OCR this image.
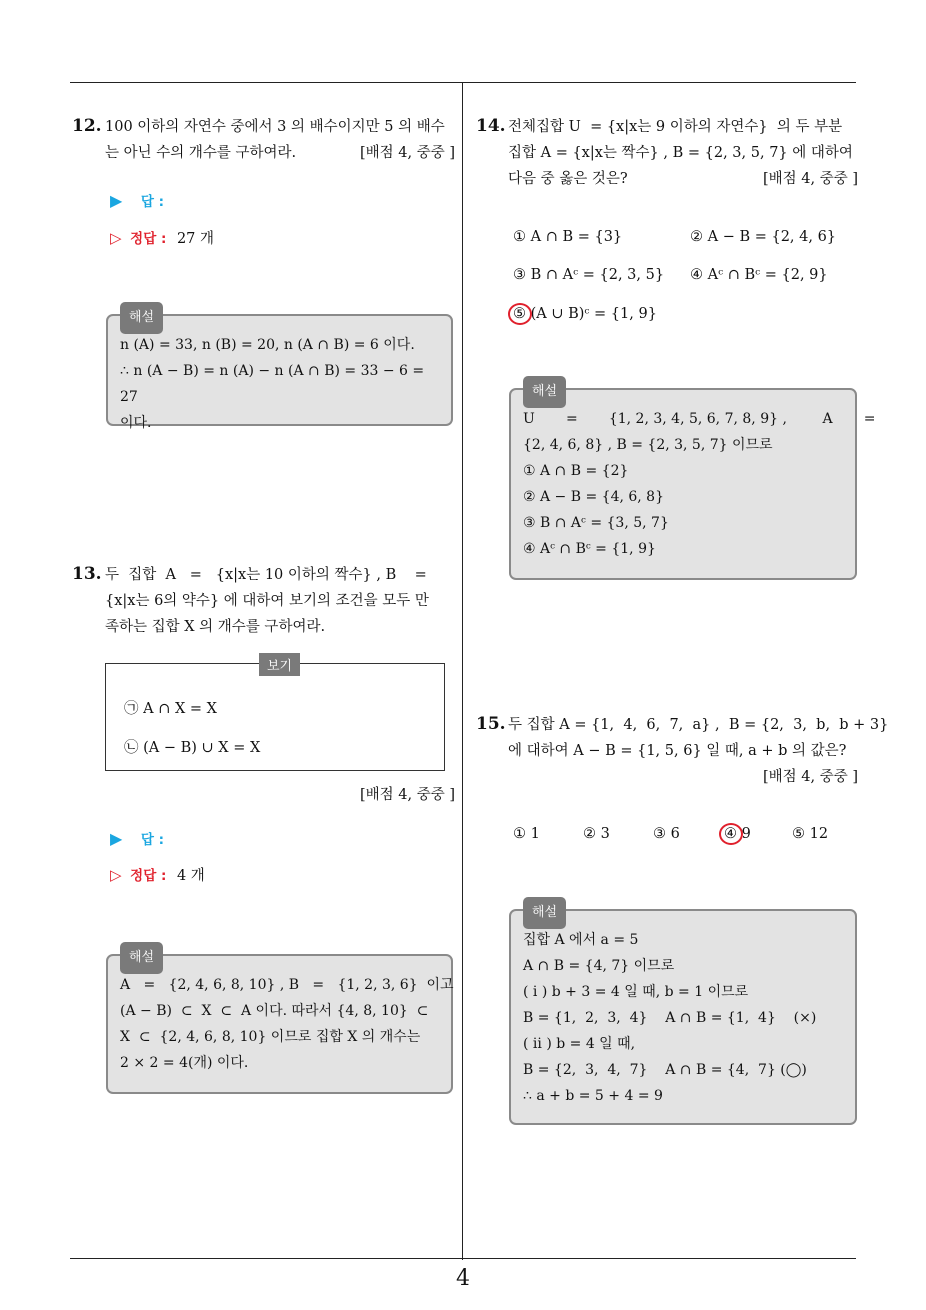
4
12. 100 이하의 자연수 중에서 3 의 배수이지만 5 의 배수

는 아닌 수의 개수를 구하여라.	[배점 4, 중중 ]

▶ 답 :
▷ 정답 : 27 개
해설

n (A) = 33, n (B) = 20, n (A ∩ B) = 6 이다.

∴ n (A − B) = n (A) − n (A ∩ B) = 33 − 6 = 27

이다.

13. 두  집합  A   =   {x|x는 10 이하의 짝수} , B    =

{x|x는 6의 약수} 에 대하여 보기의 조건을 모두 만

족하는 집합 X 의 개수를 구하여라.

보기
㉠ A ∩ X = X
㉡ (A − B) ∪ X = X
[배점 4, 중중 ]
▶ 답 :
▷ 정답 : 4 개
해설

A   =   {2, 4, 6, 8, 10} , B   =   {1, 2, 3, 6}  이고

(A − B)  ⊂  X  ⊂  A 이다. 따라서 {4, 8, 10}  ⊂

X  ⊂  {2, 4, 6, 8, 10} 이므로 집합 X 의 개수는

2 × 2 = 4(개) 이다.

14. 전체집합 U  = {x|x는 9 이하의 자연수}  의 두 부분

집합 A = {x|x는 짝수} , B = {2, 3, 5, 7} 에 대하여

다음 중 옳은 것은?	[배점 4, 중중 ]

① A ∩ B = {3}	② A − B = {2, 4, 6}
③ B ∩ Aᶜ = {2, 3, 5} ④ Aᶜ ∩ Bᶜ = {2, 9}
⑤ (A ∪ B)ᶜ = {1, 9}
해설

U       =       {1, 2, 3, 4, 5, 6, 7, 8, 9} ,        A       =

{2, 4, 6, 8} , B = {2, 3, 5, 7} 이므로

① A ∩ B = {2}

② A − B = {4, 6, 8}

③ B ∩ Aᶜ = {3, 5, 7}

④ Aᶜ ∩ Bᶜ = {1, 9}

15. 두 집합 A = {1,  4,  6,  7,  a} ,  B = {2,  3,  b,  b + 3}

에 대하여 A − B = {1, 5, 6} 일 때, a + b 의 값은?

[배점 4, 중중 ]

① 1	② 3	③ 6	④ 9	⑤ 12
해설

집합 A 에서 a = 5

A ∩ B = {4, 7} 이므로

( i ) b + 3 = 4 일 때, b = 1 이므로

B = {1,  2,  3,  4}    A ∩ B = {1,  4}    (×)

( ii ) b = 4 일 때,

B = {2,  3,  4,  7}    A ∩ B = {4,  7} (◯)

∴ a + b = 5 + 4 = 9
